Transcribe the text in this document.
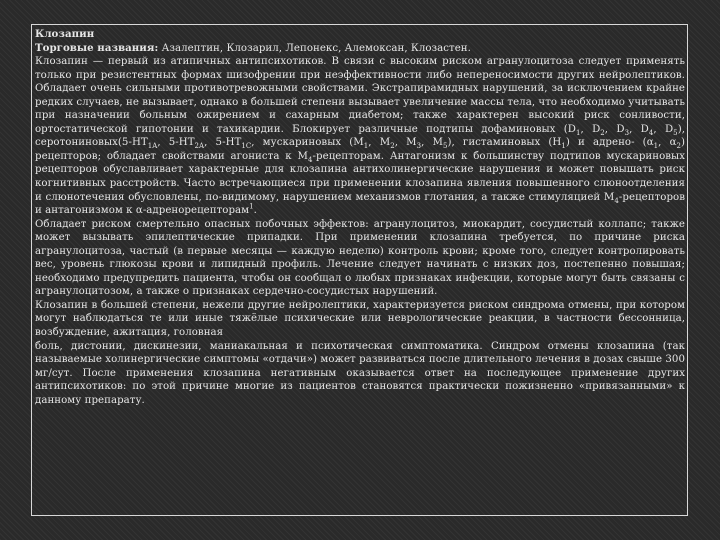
Клозапин

Торговые названия: Азалептин, Клозарил, Лепонекс, Алемоксан, Клозастен.

Клозапин — первый из атипичных антипсихотиков. В связи с высоким риском агранулоцитоза следует применять только при резистентных формах шизофрении при неэффективности либо непереносимости других нейролептиков. Обладает очень сильными противотревожными свойствами. Экстрапирамидных нарушений, за исключением крайне редких случаев, не вызывает, однако в большей степени вызывает увеличение массы тела, что необходимо учитывать при назначении больным ожирением и сахарным диабетом; также характерен высокий риск сонливости, ортостатической гипотонии и тахикардии. Блокирует различные подтипы дофаминовых ($D_1$, $D_2$, $D_3$, $D_4$, $D_5$), $серотониновых(5-НТ_{1A}$, $5-НТ_{2A}$, $5-НТ_{1C}$, мускариновых ($M_1$, $M_2$, $M_3$, $M_5$), гистаминовых $(H_1)$ и адрено- ($\alpha_1$, $\alpha_2$) рецепторов; обладает свойствами агониста к $M_4$-рецепторам. Антагонизм к большинству подтипов мускариновых рецепторов обуславливает характерные для клозапина антихолинергические нарушения и может повышать риск когнитивных расстройств. Часто встречающиеся при применении клозапина явления повышенного слюноотделения и слюнотечения обусловлены, по-видимому, нарушением механизмов глотания, а также стимуляцией $M_4$-рецепторов и антагонизмом к α-адренорецепторам$^1$.

Обладает риском смертельно опасных побочных эффектов: агранулоцитоз, миокардит, сосудистый коллапс; также может вызывать эпилептические припадки. При применении клозапина требуется, по причине риска агранулоцитоза, частый (в первые месяцы — каждую неделю) контроль крови; кроме того, следует контролировать вес, уровень глюкозы крови и липидный профиль. Лечение следует начинать с низких доз, постепенно повышая; необходимо предупредить пациента, чтобы он сообщал о любых признаках инфекции, которые могут быть связаны с агранулоцитозом, а также о признаках сердечно-сосудистых нарушений.

Клозапин в большей степени, нежели другие нейролептики, характеризуется риском синдрома отмены, при котором могут наблюдаться те или иные тяжёлые психические или неврологические реакции, в частности бессонница, возбуждение, ажитация, головная

боль, дистонии, дискинезии, маниакальная и психотическая симптоматика. Синдром отмены клозапина (так называемые холинергические симптомы «отдачи») может развиваться после длительного лечения в дозах свыше 300 мг/сут. После применения клозапина негативным оказывается ответ на последующее применение других антипсихотиков: по этой причине многие из пациентов становятся практически пожизненно «привязанными» к данному препарату.
